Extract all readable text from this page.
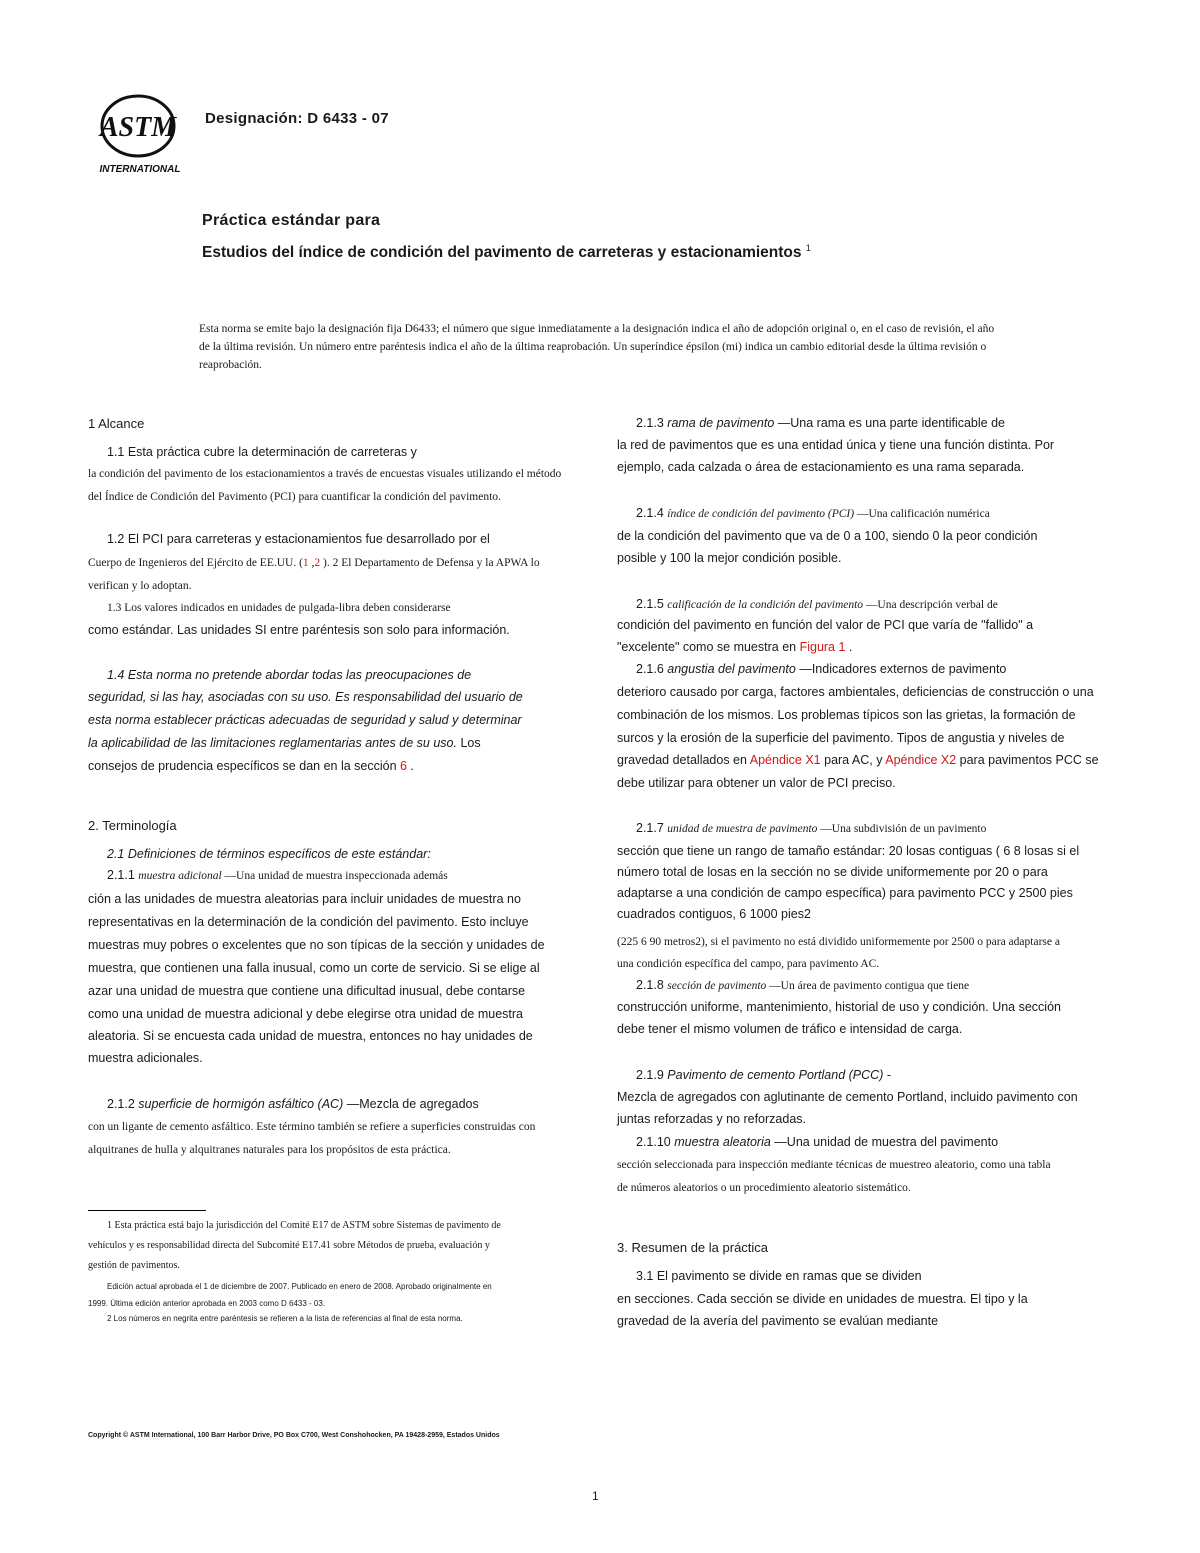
ASTM
INTERNATIONAL
Designación: D 6433 - 07
Práctica estándar para
Estudios del índice de condición del pavimento de carreteras y estacionamientos $^1$
Esta norma se emite bajo la designación fija D6433; el número que sigue inmediatamente a la designación indica el año de adopción original o, en el caso de revisión, el año de la última revisión. Un número entre paréntesis indica el año de la última reaprobación. Un superíndice épsilon (mi) indica un cambio editorial desde la última revisión o reaprobación.
1 Alcance
1.1 Esta práctica cubre la determinación de carreteras y
la condición del pavimento de los estacionamientos a través de encuestas visuales utilizando el método
del Índice de Condición del Pavimento (PCI) para cuantificar la condición del pavimento.
1.2 El PCI para carreteras y estacionamientos fue desarrollado por el
Cuerpo de Ingenieros del Ejército de EE.UU. (1 ,2 ). 2 El Departamento de Defensa y la APWA lo
verifican y lo adoptan.
1.3 Los valores indicados en unidades de pulgada-libra deben considerarse
como estándar. Las unidades SI entre paréntesis son solo para información.
1.4 Esta norma no pretende abordar todas las preocupaciones de
seguridad, si las hay, asociadas con su uso. Es responsabilidad del usuario de
esta norma establecer prácticas adecuadas de seguridad y salud y determinar
la aplicabilidad de las limitaciones reglamentarias antes de su uso. Los
consejos de prudencia específicos se dan en la sección 6 .
2. Terminología
2.1 Definiciones de términos específicos de este estándar:
2.1.1 muestra adicional —Una unidad de muestra inspeccionada además
ción a las unidades de muestra aleatorias para incluir unidades de muestra no
representativas en la determinación de la condición del pavimento. Esto incluye
muestras muy pobres o excelentes que no son típicas de la sección y unidades de
muestra, que contienen una falla inusual, como un corte de servicio. Si se elige al
azar una unidad de muestra que contiene una dificultad inusual, debe contarse
como una unidad de muestra adicional y debe elegirse otra unidad de muestra
aleatoria. Si se encuesta cada unidad de muestra, entonces no hay unidades de
muestra adicionales.
2.1.2 superficie de hormigón asfáltico (AC) —Mezcla de agregados
con un ligante de cemento asfáltico. Este término también se refiere a superficies construidas con
alquitranes de hulla y alquitranes naturales para los propósitos de esta práctica.
1 Esta práctica está bajo la jurisdicción del Comité E17 de ASTM sobre Sistemas de pavimento de
vehículos y es responsabilidad directa del Subcomité E17.41 sobre Métodos de prueba, evaluación y
gestión de pavimentos.
Edición actual aprobada el 1 de diciembre de 2007. Publicado en enero de 2008. Aprobado originalmente en
1999. Última edición anterior aprobada en 2003 como D 6433 - 03.
2 Los números en negrita entre paréntesis se refieren a la lista de referencias al final de esta norma.
2.1.3 rama de pavimento —Una rama es una parte identificable de
la red de pavimentos que es una entidad única y tiene una función distinta. Por
ejemplo, cada calzada o área de estacionamiento es una rama separada.
2.1.4 índice de condición del pavimento (PCI) —Una calificación numérica
de la condición del pavimento que va de 0 a 100, siendo 0 la peor condición
posible y 100 la mejor condición posible.
2.1.5 calificación de la condición del pavimento —Una descripción verbal de
condición del pavimento en función del valor de PCI que varía de "fallido" a
"excelente" como se muestra en Figura 1 .
2.1.6 angustia del pavimento —Indicadores externos de pavimento
deterioro causado por carga, factores ambientales, deficiencias de construcción o una
combinación de los mismos. Los problemas típicos son las grietas, la formación de
surcos y la erosión de la superficie del pavimento. Tipos de angustia y niveles de
gravedad detallados en Apéndice X1 para AC, y Apéndice X2 para pavimentos PCC se
debe utilizar para obtener un valor de PCI preciso.
2.1.7 unidad de muestra de pavimento —Una subdivisión de un pavimento
sección que tiene un rango de tamaño estándar: 20 losas contiguas ( 6 8 losas si el
número total de losas en la sección no se divide uniformemente por 20 o para
adaptarse a una condición de campo específica) para pavimento PCC y 2500 pies
cuadrados contiguos, 6 1000 pies2
(225 6 90 metros2), si el pavimento no está dividido uniformemente por 2500 o para adaptarse a
una condición específica del campo, para pavimento AC.
2.1.8 sección de pavimento —Un área de pavimento contigua que tiene
construcción uniforme, mantenimiento, historial de uso y condición. Una sección
debe tener el mismo volumen de tráfico e intensidad de carga.
2.1.9 Pavimento de cemento Portland (PCC) -
Mezcla de agregados con aglutinante de cemento Portland, incluido pavimento con
juntas reforzadas y no reforzadas.
2.1.10 muestra aleatoria —Una unidad de muestra del pavimento
sección seleccionada para inspección mediante técnicas de muestreo aleatorio, como una tabla
de números aleatorios o un procedimiento aleatorio sistemático.
3. Resumen de la práctica
3.1 El pavimento se divide en ramas que se dividen
en secciones. Cada sección se divide en unidades de muestra. El tipo y la
gravedad de la avería del pavimento se evalúan mediante
Copyright © ASTM International, 100 Barr Harbor Drive, PO Box C700, West Conshohocken, PA 19428-2959, Estados Unidos
1
